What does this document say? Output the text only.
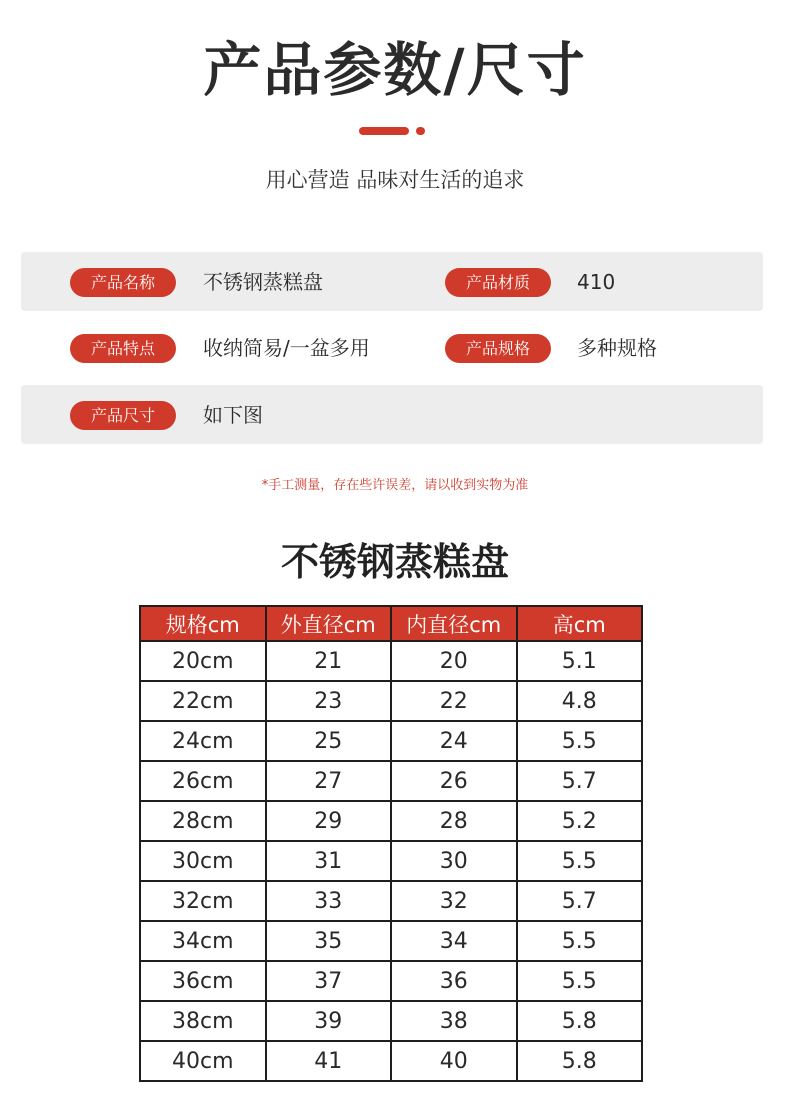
产品参数/尺寸
用心营造 品味对生活的追求
产品名称	不锈钢蒸糕盘	产品材质	410
产品特点	收纳简易/一盆多用	产品规格	多种规格
产品尺寸	如下图
*手工测量，存在些许误差，请以收到实物为准
不锈钢蒸糕盘
规格cm	外直径cm	内直径cm	高cm
20cm	21	20	5.1
22cm	23	22	4.8
24cm	25	24	5.5
26cm	27	26	5.7
28cm	29	28	5.2
30cm	31	30	5.5
32cm	33	32	5.7
34cm	35	34	5.5
36cm	37	36	5.5
38cm	39	38	5.8
40cm	41	40	5.8
